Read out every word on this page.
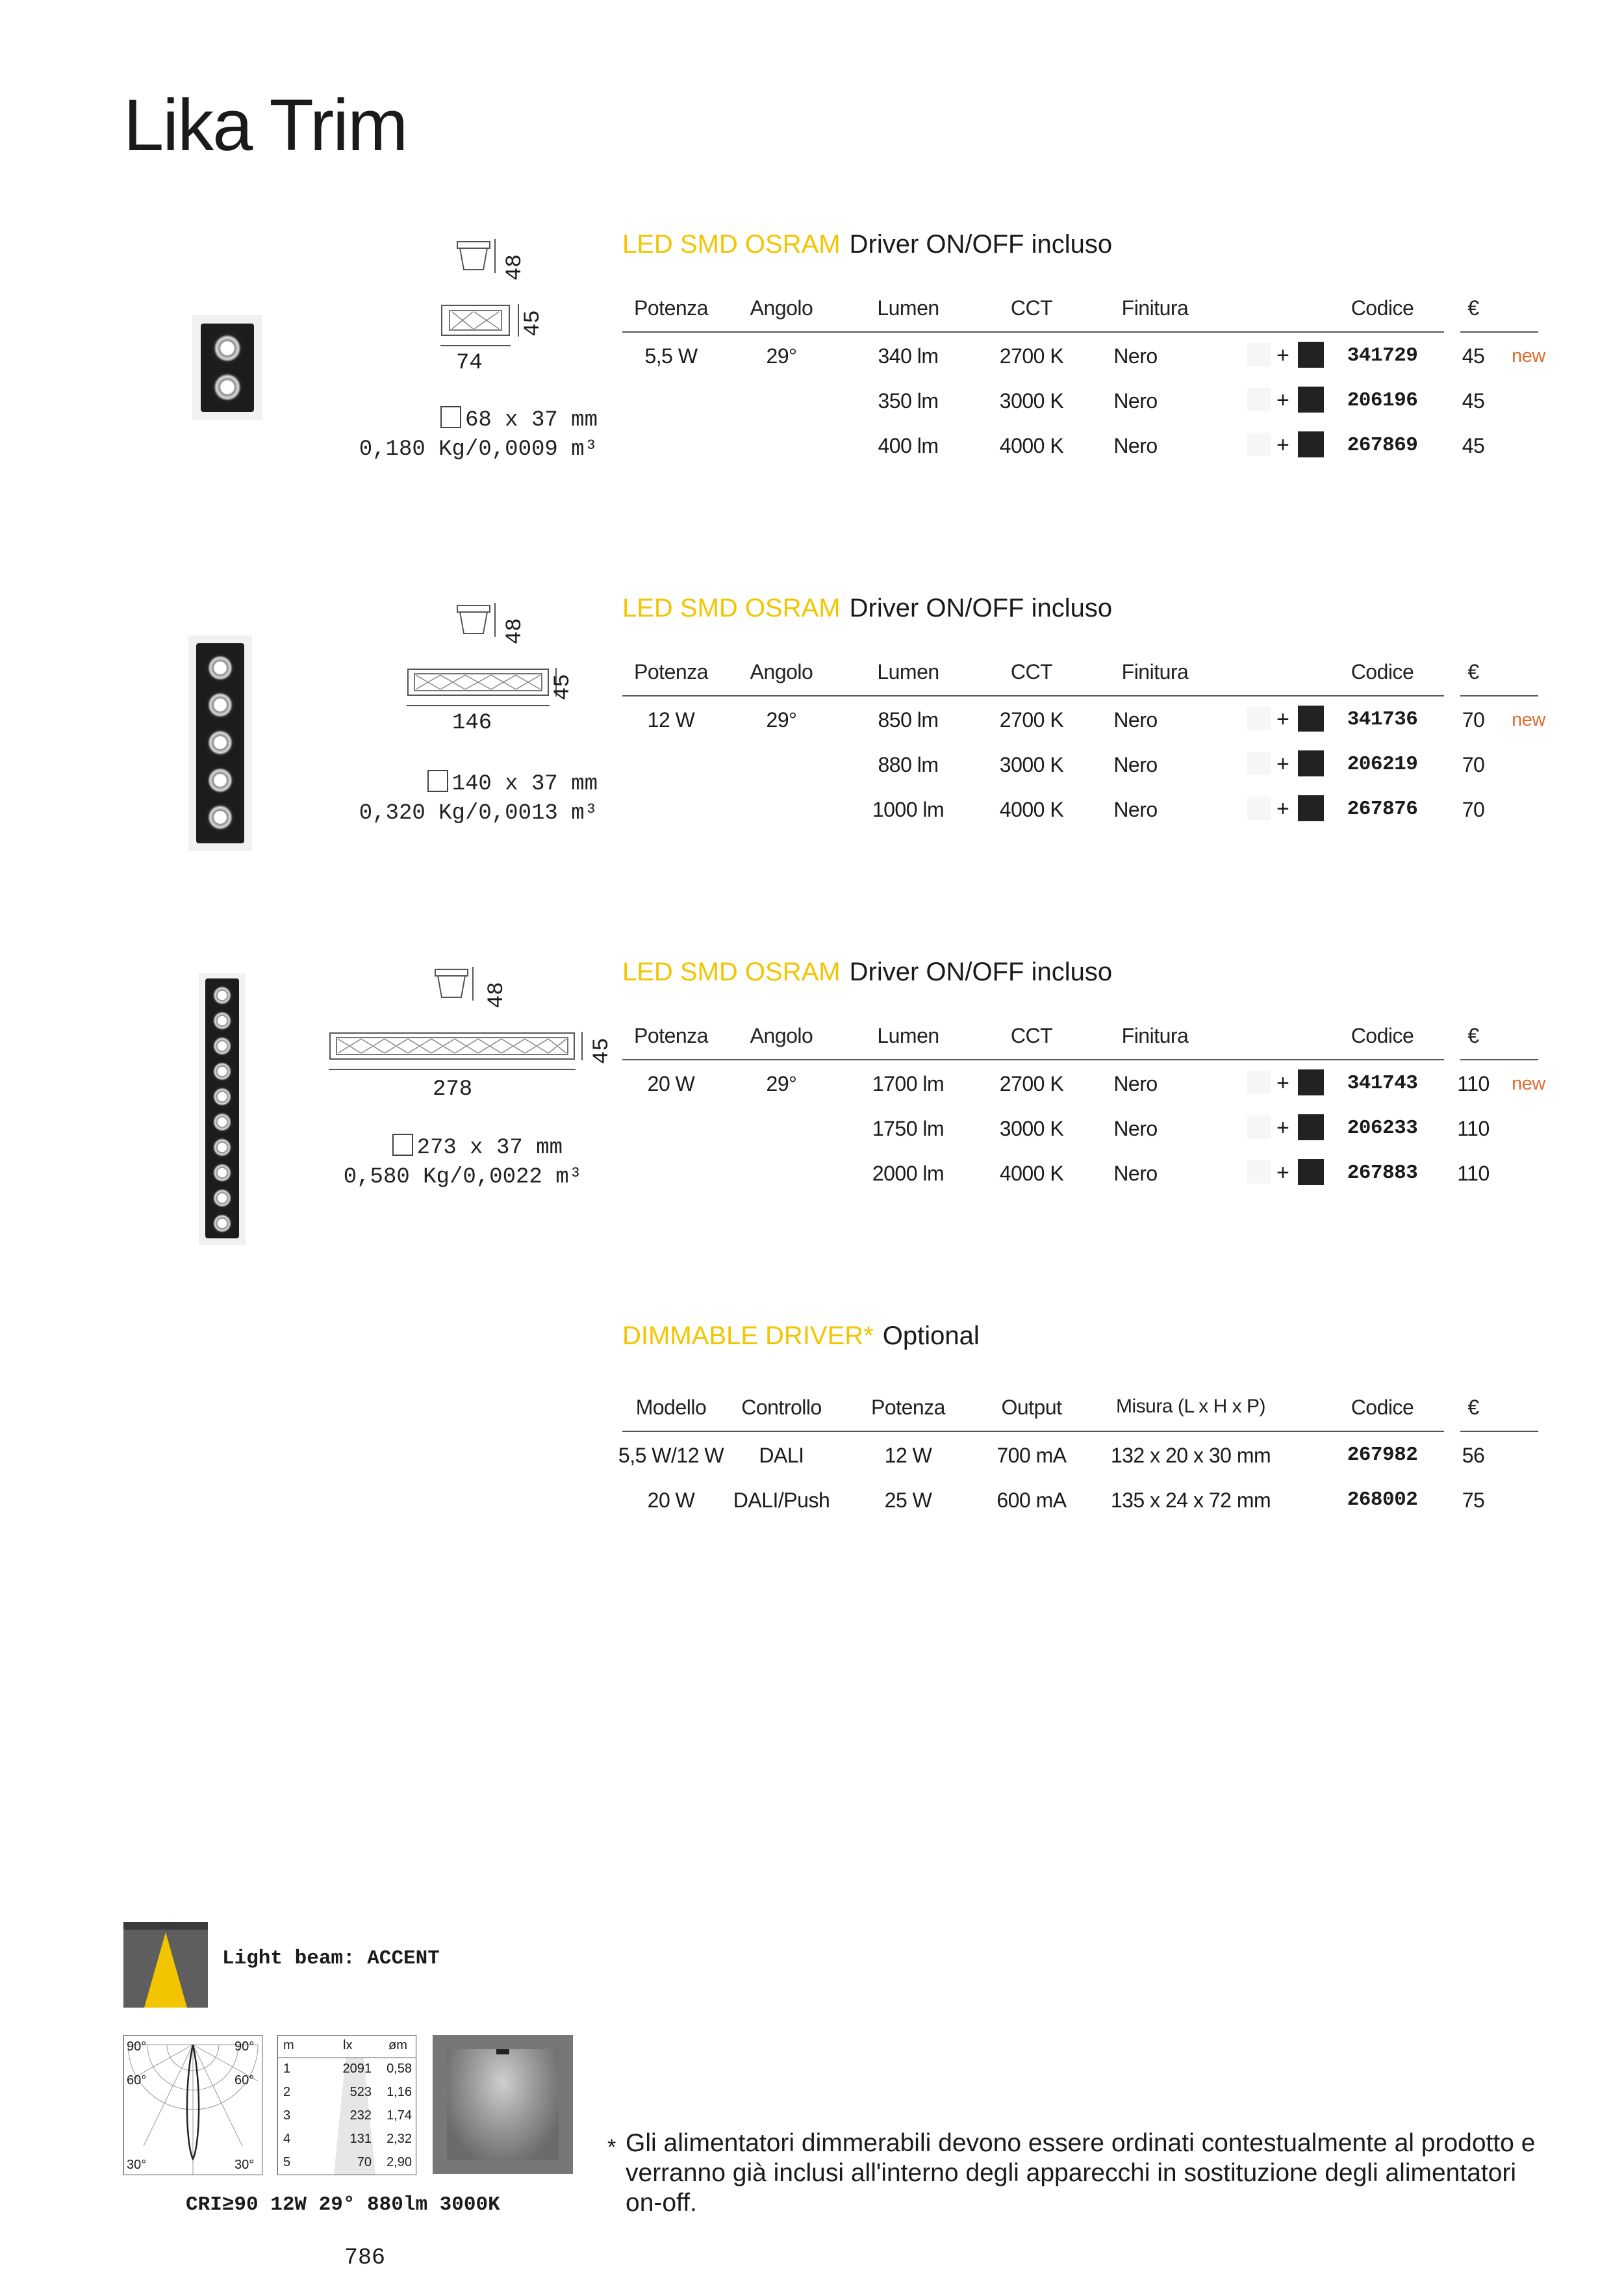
Lika Trim
48
45
74
68 x 37 mm
0,180 Kg/0,0009 m³
LED SMD OSRAM Driver ON/OFF incluso
Potenza	Angolo	Lumen	CCT	Finitura	Codice	€
5,5 W	29°	340 lm	2700 K	Nero	+	341729	45	new
350 lm	3000 K	Nero	+	206196	45
400 lm	4000 K	Nero	+	267869	45
48
45
146
140 x 37 mm
0,320 Kg/0,0013 m³
LED SMD OSRAM Driver ON/OFF incluso
Potenza	Angolo	Lumen	CCT	Finitura	Codice	€
12 W	29°	850 lm	2700 K	Nero	+	341736	70	new
880 lm	3000 K	Nero	+	206219	70
1000 lm	4000 K	Nero	+	267876	70
48
45
278
273 x 37 mm
0,580 Kg/0,0022 m³
LED SMD OSRAM Driver ON/OFF incluso
Potenza	Angolo	Lumen	CCT	Finitura	Codice	€
20 W	29°	1700 lm	2700 K	Nero	+	341743	110	new
1750 lm	3000 K	Nero	+	206233	110
2000 lm	4000 K	Nero	+	267883	110
DIMMABLE DRIVER* Optional
Modello	Controllo	Potenza	Output	Misura (L x H x P)	Codice	€
5,5 W/12 W	DALI	12 W	700 mA	132 x 20 x 30 mm	267982	56
20 W	DALI/Push	25 W	600 mA	135 x 24 x 72 mm	268002	75
Light beam: ACCENT
90°	90°
60°	60°
30°	30°
m	lx	øm
1	2091	0,58
2	523	1,16
3	232	1,74
4	131	2,32
5	70	2,90
CRI≥90 12W 29° 880lm 3000K
* Gli alimentatori dimmerabili devono essere ordinati contestualmente al prodotto e verranno già inclusi all'interno degli apparecchi in sostituzione degli alimentatori on-off.
786
